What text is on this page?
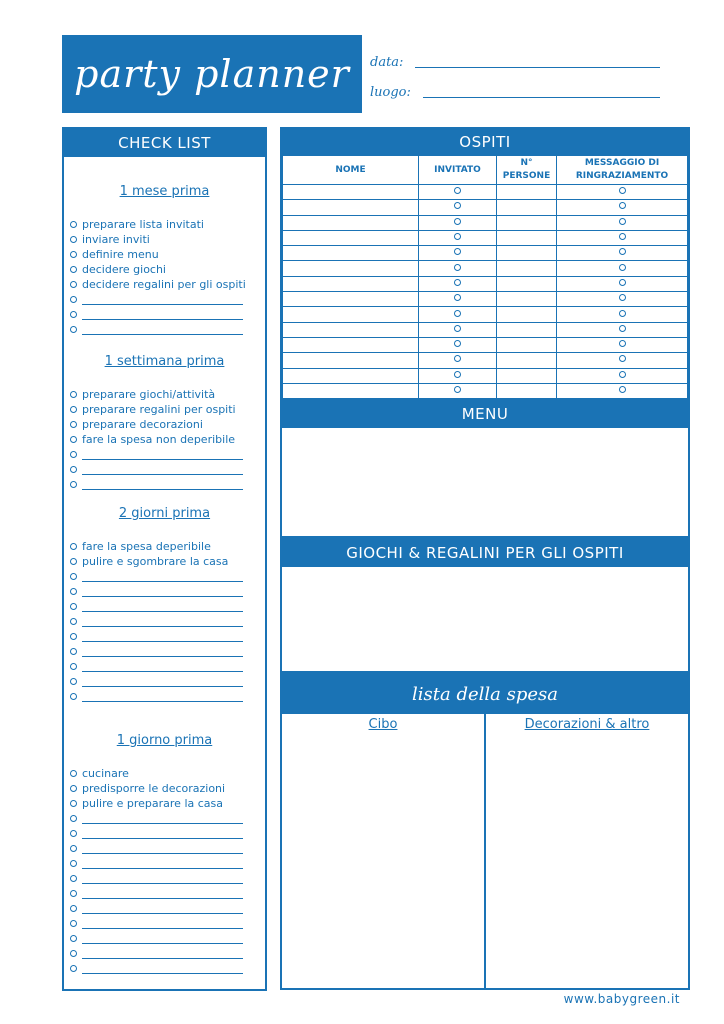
party planner data:
luogo:
CHECK LIST
1 mese prima
preparare lista invitati
inviare inviti
definire menu
decidere giochi
decidere regalini per gli ospiti
1 settimana prima
preparare giochi/attività
preparare regalini per ospiti
preparare decorazioni
fare la spesa non deperibile
2 giorni prima
fare la spesa deperibile
pulire e sgombrare la casa
1 giorno prima
cucinare
predisporre le decorazioni
pulire e preparare la casa
OSPITI
NOME	INVITATO	N° PERSONE	MESSAGGIO DI RINGRAZIAMENTO

MENU
GIOCHI & REGALINI PER GLI OSPITI
lista della spesa
Cibo	Decorazioni & altro
www.babygreen.it
